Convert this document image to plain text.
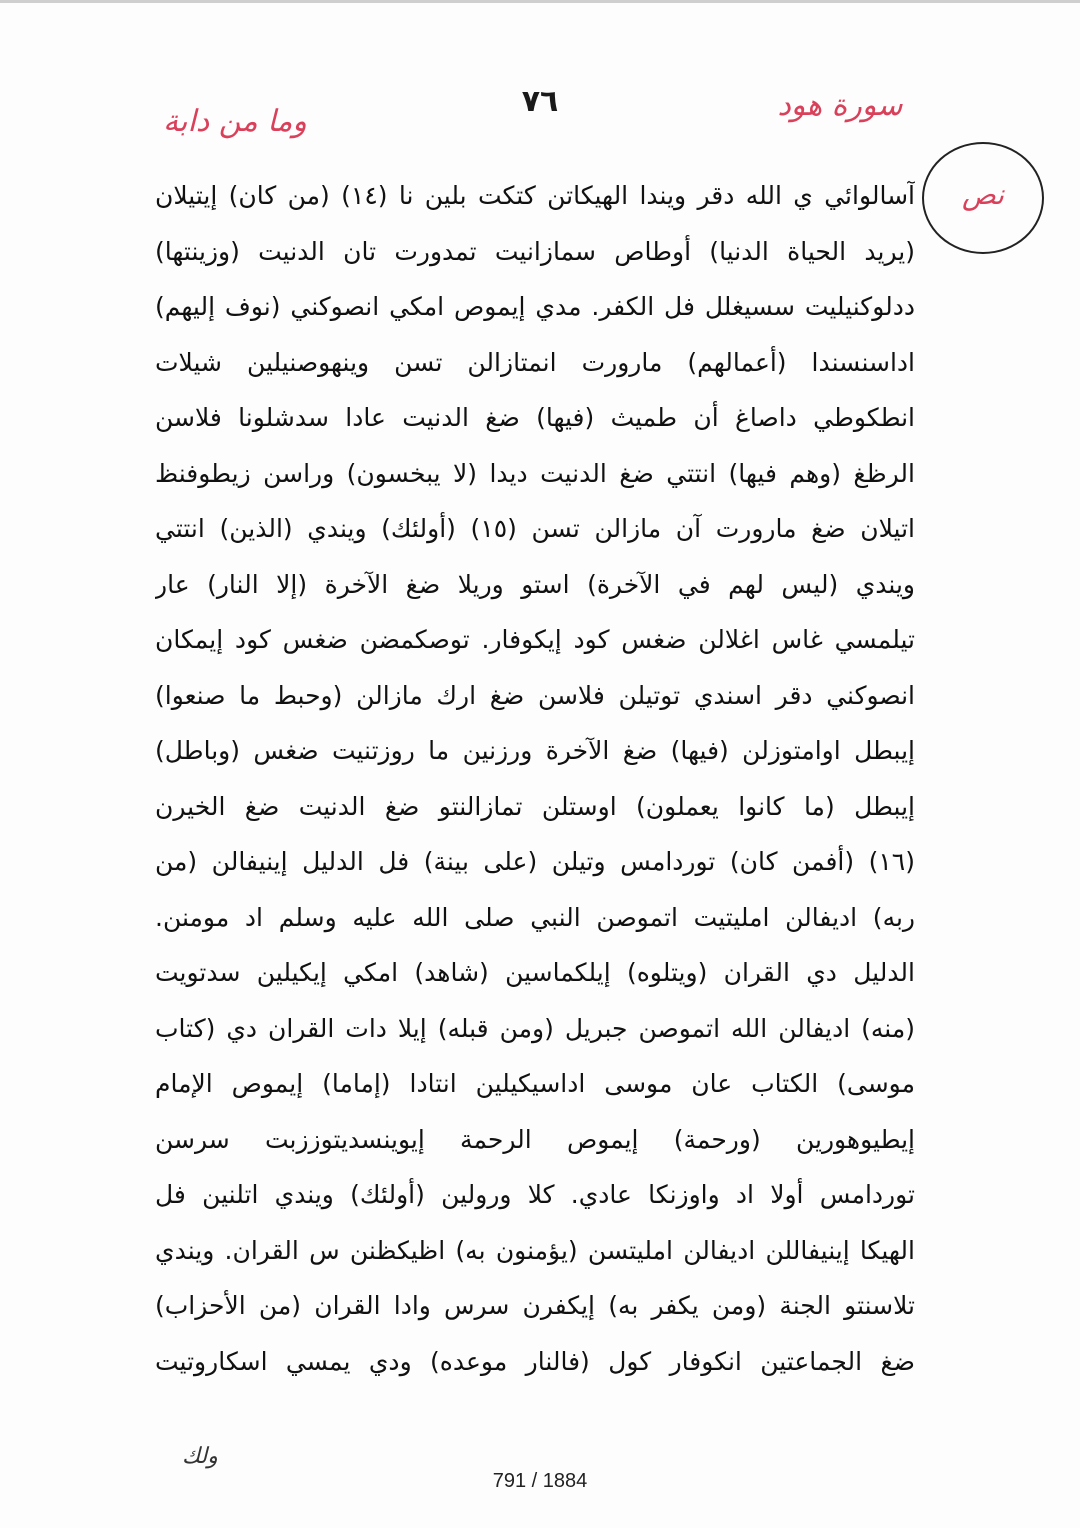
سورة هود
٧٦
وما من دابة
نص
آسالوائي ي الله دقر ويندا الهيكاتن كتكت بلين نا (١٤) (من كان) إيتيلان
(يريد الحياة الدنيا) أوطاص سمازانيت تمدورت تان الدنيت (وزينتها)
ددلوكنيليت سسيغلل فل الكفر. مدي إيموص امكي انصوكني (نوف إليهم)
اداسنسندا (أعمالهم) مارورت انمتازالن تسن وينهوصنيلين شيلات
انطكوطي داصاغ أن طميث (فيها) ضغ الدنيت عادا سدشلونا فلاسن
الرظغ (وهم فيها) انتتي ضغ الدنيت ديدا (لا يبخسون) وراسن زيطوفنظ
اتيلان ضغ مارورت آن مازالن تسن (١٥) (أولئك) ويندي (الذين) انتتي
ويندي (ليس لهم في الآخرة) استو وريلا ضغ الآخرة (إلا النار) عار
تيلمسي غاس اغلالن ضغس كود إيكوفار. توصكمضن ضغس كود إيمكان
انصوكني دقر اسندي توتيلن فلاسن ضغ ارك مازالن (وحبط ما صنعوا)
إيبطل اوامتوزلن (فيها) ضغ الآخرة ورزنين ما روزتنيت ضغس (وباطل)
إيبطل (ما كانوا يعملون) اوستلن تمازالنتو ضغ الدنيت ضغ الخيرن
(١٦) (أفمن كان) توردامس وتيلن (على بينة) فل الدليل إينيفالن (من
ربه) اديفالن امليتيت اتموصن النبي صلى الله عليه وسلم اد مومنن.
الدليل دي القران (ويتلوه) إيلكماسين (شاهد) امكي إيكيلين سدتويت
(منه) اديفالن الله اتموصن جبريل (ومن قبله) إيلا دات القران دي (كتاب
موسى) الكتاب عان موسى اداسيكيلين انتادا (إماما) إيموص الإمام
إيطيوهورين (ورحمة) إيموص الرحمة إيوينسديتوززبت سرسن
توردامس أولا اد واوزنكا عادي. كلا ورولين (أولئك) ويندي اتلنين فل
الهيكا إينيفاللن اديفالن امليتسن (يؤمنون به) اظيكظنن س القران. ويندي
تلاسنتو الجنة (ومن يكفر به) إيكفرن سرس وادا القران (من الأحزاب)
ضغ الجماعتين انكوفار كول (فالنار موعده) ودي يمسي اسكاروتيت
ولك
791 / 1884
